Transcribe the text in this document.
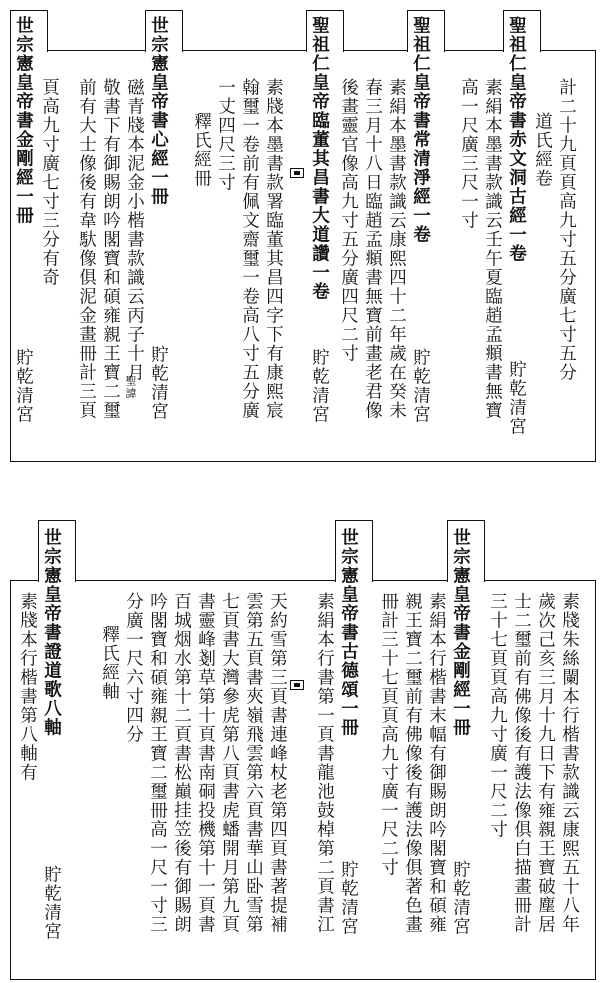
計二十九頁頁高九寸五分廣七寸五分
道氏經卷
聖祖仁皇帝書赤文洞古經一卷
貯乾清宮
素絹本墨書款識云壬午夏臨趙孟頫書無寶
高一尺廣三尺一寸
聖祖仁皇帝書常清淨經一卷
貯乾清宮
素絹本墨書款識云康熙四十二年歲在癸未
春三月十八日臨趙孟頫書無寶前畫老君像
後畫靈官像高九寸五分廣四尺二寸
聖祖仁皇帝臨董其昌書大道讚一卷
貯乾清宮
素牋本墨書款署臨董其昌四字下有康熙宸
翰璽一卷前有佩文齋璽一卷高八寸五分廣
一丈四尺三寸
釋氏經冊
世宗憲皇帝書心經一冊
貯乾清宮
磁青牋本泥金小楷書款識云丙子十月
聖諱
敬書下有御賜朗吟閣寶和碩雍親王寶二璽
前有大士像後有韋馱像俱泥金畫冊計三頁
世宗憲皇帝書金剛經一冊 頁高九寸廣七寸三分有奇
貯乾清宮
素牋朱絲闌本行楷書款識云康熙五十八年
歲次己亥三月十九日下有雍親王寶破塵居
士二璽前有佛像後有護法像俱白描畫冊計
三十七頁頁高九寸廣一尺二寸
世宗憲皇帝書金剛經一冊
貯乾清宮
素絹本行楷書末幅有御賜朗吟閣寶和碩雍
親王寶二璽前有佛像後有護法像俱著色畫
冊計三十七頁頁高九寸廣一尺二寸
世宗憲皇帝書古德頌一冊
貯乾清宮
素絹本行書第一頁書龍池鼓棹第二頁書江
天約雪第三頁書連峰杖老第四頁書著提補
雲第五頁書夾嶺飛雲第六頁書華山卧雪第
七頁書大灣參虎第八頁書虎蟠開月第九頁
書靈峰剗草第十頁書南硐投機第十一頁書
百城烟水第十二頁書松巔挂笠後有御賜朗
吟閣寶和碩雍親王寶二璽冊高一尺一寸三
分廣一尺六寸四分
釋氏經軸
世宗憲皇帝書證道歌八軸
素牋本行楷書第八軸有
貯乾清宮
